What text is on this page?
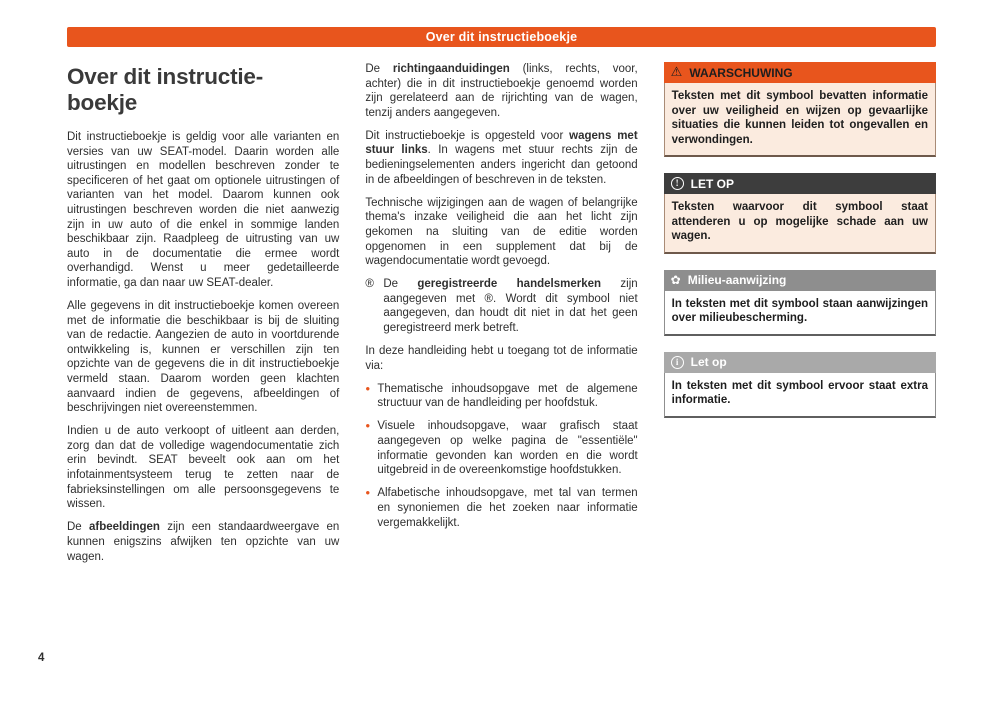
Over dit instructieboekje
Over dit instructie-
boekje

Dit instructieboekje is geldig voor alle varianten en versies van uw SEAT-model. Daarin worden alle uitrustingen en modellen beschreven zonder te specificeren of het gaat om optionele uitrustingen of varianten van het model. Daarom kunnen ook uitrustingen beschreven worden die niet aanwezig zijn in uw auto of die enkel in sommige landen beschikbaar zijn. Raadpleeg de uitrusting van uw auto in de documentatie die ermee wordt overhandigd. Wenst u meer gedetailleerde informatie, ga dan naar uw SEAT-dealer.

Alle gegevens in dit instructieboekje komen overeen met de informatie die beschikbaar is bij de sluiting van de redactie. Aangezien de auto in voortdurende ontwikkeling is, kunnen er verschillen zijn ten opzichte van de gegevens die in dit instructieboekje vermeld staan. Daarom worden geen klachten aanvaard indien de gegevens, afbeeldingen of beschrijvingen niet overeenstemmen.

Indien u de auto verkoopt of uitleent aan derden, zorg dan dat de volledige wagendocumentatie zich erin bevindt. SEAT beveelt ook aan om het infotainmentsysteem terug te zetten naar de fabrieksinstellingen om alle persoonsgegevens te wissen.

De afbeeldingen zijn een standaardweergave en kunnen enigszins afwijken ten opzichte van uw wagen.

De richtingaanduidingen (links, rechts, voor, achter) die in dit instructieboekje genoemd worden zijn gerelateerd aan de rijrichting van de wagen, tenzij anders aangegeven.

Dit instructieboekje is opgesteld voor wagens met stuur links. In wagens met stuur rechts zijn de bedieningselementen anders ingericht dan getoond in de afbeeldingen of beschreven in de teksten.

Technische wijzigingen aan de wagen of belangrijke thema's inzake veiligheid die aan het licht zijn gekomen na sluiting van de editie worden opgenomen in een supplement dat bij de wagendocumentatie wordt gevoegd.

® De geregistreerde handelsmerken zijn aangegeven met ®. Wordt dit symbool niet aangegeven, dan houdt dit niet in dat het geen geregistreerd merk betreft.

In deze handleiding hebt u toegang tot de informatie via:

● Thematische inhoudsopgave met de algemene structuur van de handleiding per hoofdstuk.

● Visuele inhoudsopgave, waar grafisch staat aangegeven op welke pagina de "essentiële" informatie gevonden kan worden en die wordt uitgebreid in de overeenkomstige hoofdstukken.

● Alfabetische inhoudsopgave, met tal van termen en synoniemen die het zoeken naar informatie vergemakkelijkt.

⚠ WAARSCHUWING
Teksten met dit symbool bevatten informatie over uw veiligheid en wijzen op gevaarlijke situaties die kunnen leiden tot ongevallen en verwondingen.
!	LET OP
Teksten waarvoor dit symbool staat attenderen u op mogelijke schade aan uw wagen.
✿ Milieu-aanwijzing
In teksten met dit symbool staan aanwijzingen over milieubescherming.
i	Let op
In teksten met dit symbool ervoor staat extra informatie.
4
